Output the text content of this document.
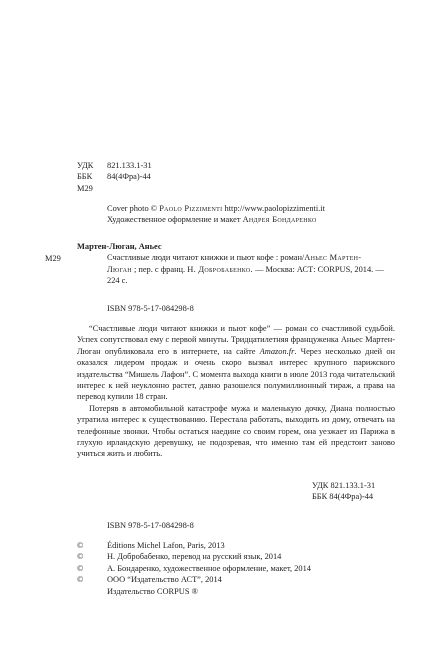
УДК	821.133.1-31
ББК	84(4Фра)-44
М29
Cover photo © Paolo Pizzimenti http://www.paolopizzimenti.it
Художественное оформление и макет Андрея Бондаренко
М29
Мартен-Люган, Аньес
Счастливые люди читают книжки и пьют кофе : роман/ Аньес Мартен-
Люган
; пер. с франц.
Н. Добробабенко.
— Москва: АСТ: CORPUS, 2014. —
224 с.
ISBN 978-5-17-084298-8

“Счастливые люди читают книжки и пьют кофе” — роман со счастливой судьбой. Успех сопутствовал ему с первой минуты. Тридцатилетняя француженка Аньес Мартен-Люган опубликовала его в интернете, на сайте Amazon.fr. Через несколько дней он оказался лидером продаж и очень скоро вызвал интерес крупного парижского издательства “Мишель Лафон”. С момента выхода книги в июле 2013 года читательский интерес к ней неуклонно растет, давно разошелся полумиллионный тираж, а права на перевод купили 18 стран.

Потеряв в автомобильной катастрофе мужа и маленькую дочку, Диана полностью утратила интерес к существованию. Перестала работать, выходить из дому, отвечать на телефонные звонки. Чтобы остаться наедине со своим горем, она уезжает из Парижа в глухую ирландскую деревушку, не подозревая, что именно там ей предстоит заново учиться жить и любить.

УДК 821.133.1-31
ББК 84(4Фра)-44
ISBN 978-5-17-084298-8
©	Éditions Michel Lafon, Paris, 2013
©	Н. Добробабенко, перевод на русский язык, 2014
©	А. Бондаренко, художественное оформление, макет, 2014
©	ООО “Издательство АСТ”, 2014
Издательство CORPUS ®
